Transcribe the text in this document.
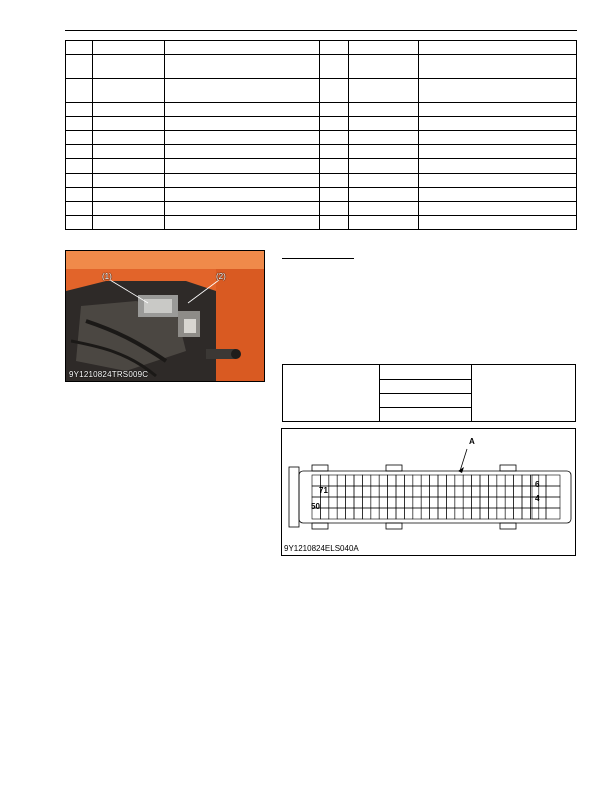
(1)	(2)
9Y1210824TRS009C
A
71
50
6
4
9Y1210824ELS040A
